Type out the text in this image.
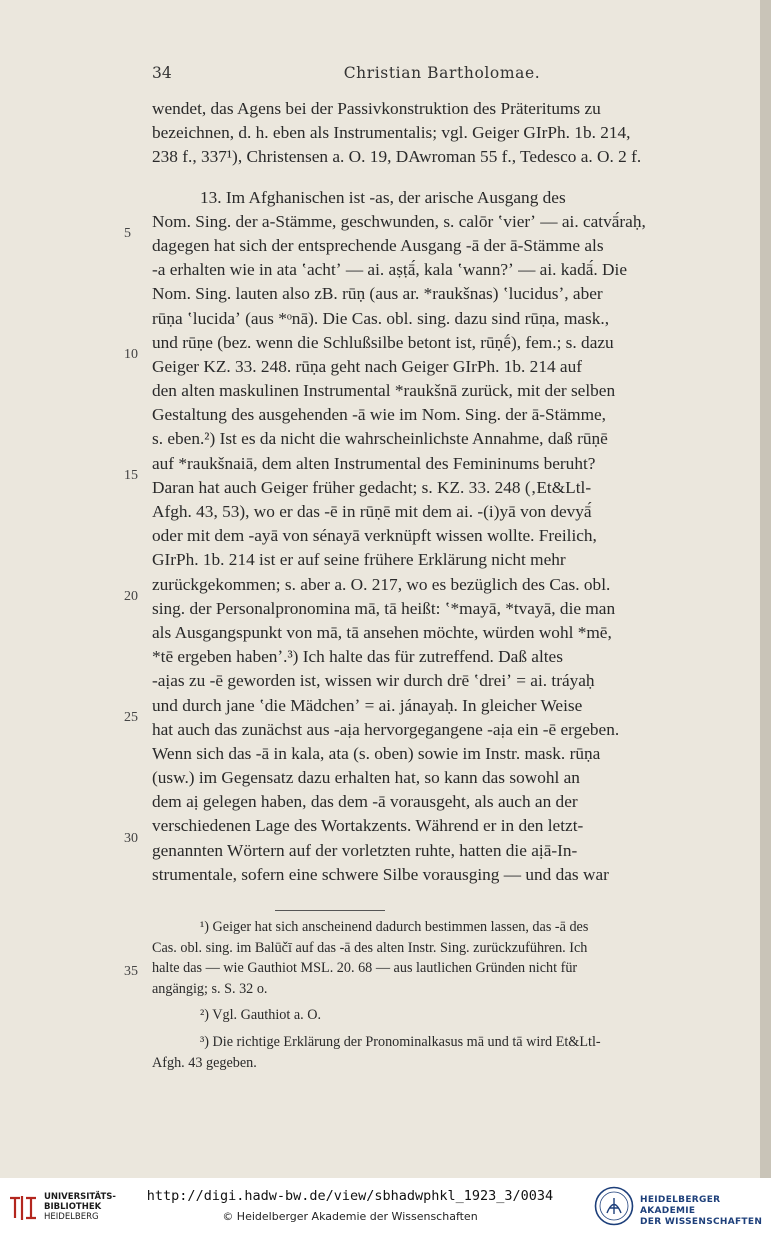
34	Christian Bartholomae.
wendet, das Agens bei der Passivkonstruktion des Präteritums zu
bezeichnen, d. h. eben als Instrumentalis; vgl. Geiger GIrPh. 1b. 214,
238 f., 337¹), Christensen a. O. 19, DAwroman 55 f., Tedesco a. O. 2 f.
13. Im Afghanischen ist -as, der arische Ausgang des
Nom. Sing. der a-Stämme, geschwunden, s. calōr ʽvierʼ — ai. catvā́raḥ,
dagegen hat sich der entsprechende Ausgang -ā der ā-Stämme als
-a erhalten wie in ata ʽachtʼ — ai. aṣṭā́, kala ʽwann?ʼ — ai. kadā́. Die
Nom. Sing. lauten also zB. rūṇ (aus ar. *raukšnas) ʽlucidusʼ, aber
rūṇa ʽlucidaʼ (aus *ᵒnā). Die Cas. obl. sing. dazu sind rūṇa, mask.,
und rūṇe (bez. wenn die Schlußsilbe betont ist, rūṇḗ), fem.; s. dazu
Geiger KZ. 33. 248. rūṇa geht nach Geiger GIrPh. 1b. 214 auf
den alten maskulinen Instrumental *raukšnā zurück, mit der selben
Gestaltung des ausgehenden -ā wie im Nom. Sing. der ā-Stämme,
s. eben.²) Ist es da nicht die wahrscheinlichste Annahme, daß rūṇē
auf *raukšnaiā, dem alten Instrumental des Femininums beruht?
Daran hat auch Geiger früher gedacht; s. KZ. 33. 248 (‚Et&Ltl-
Afgh. 43, 53), wo er das -ē in rūṇē mit dem ai. -(i)yā von devyā́
oder mit dem -ayā von sénayā verknüpft wissen wollte. Freilich,
GIrPh. 1b. 214 ist er auf seine frühere Erklärung nicht mehr
zurückgekommen; s. aber a. O. 217, wo es bezüglich des Cas. obl.
sing. der Personalpronomina mā, tā heißt: ʽ*mayā, *tvayā, die man
als Ausgangspunkt von mā, tā ansehen möchte, würden wohl *mē,
*tē ergeben habenʼ.³) Ich halte das für zutreffend. Daß altes
-aịas zu -ē geworden ist, wissen wir durch drē ʽdreiʼ = ai. tráyaḥ
und durch jane ʽdie Mädchenʼ = ai. jánayaḥ. In gleicher Weise
hat auch das zunächst aus -aịa hervorgegangene -aịa ein -ē ergeben.
Wenn sich das -ā in kala, ata (s. oben) sowie im Instr. mask. rūṇa
(usw.) im Gegensatz dazu erhalten hat, so kann das sowohl an
dem aị gelegen haben, das dem -ā vorausgeht, als auch an der
verschiedenen Lage des Wortakzents. Während er in den letzt-
genannten Wörtern auf der vorletzten ruhte, hatten die aịā-In-
strumentale, sofern eine schwere Silbe vorausging — und das war
5
10
15
20
25
30
35
¹) Geiger hat sich anscheinend dadurch bestimmen lassen, das -ā des
Cas. obl. sing. im Balūčī auf das -ā des alten Instr. Sing. zurückzuführen. Ich
halte das — wie Gauthiot MSL. 20. 68 — aus lautlichen Gründen nicht für
angängig; s. S. 32 o.
²) Vgl. Gauthiot a. O.
³) Die richtige Erklärung der Pronominalkasus mā und tā wird Et&Ltl-
Afgh. 43 gegeben.
UNIVERSITÄTS-
BIBLIOTHEK
HEIDELBERG
http://digi.hadw-bw.de/view/sbhadwphkl_1923_3/0034
© Heidelberger Akademie der Wissenschaften
HEIDELBERGER AKADEMIE
DER WISSENSCHAFTEN
